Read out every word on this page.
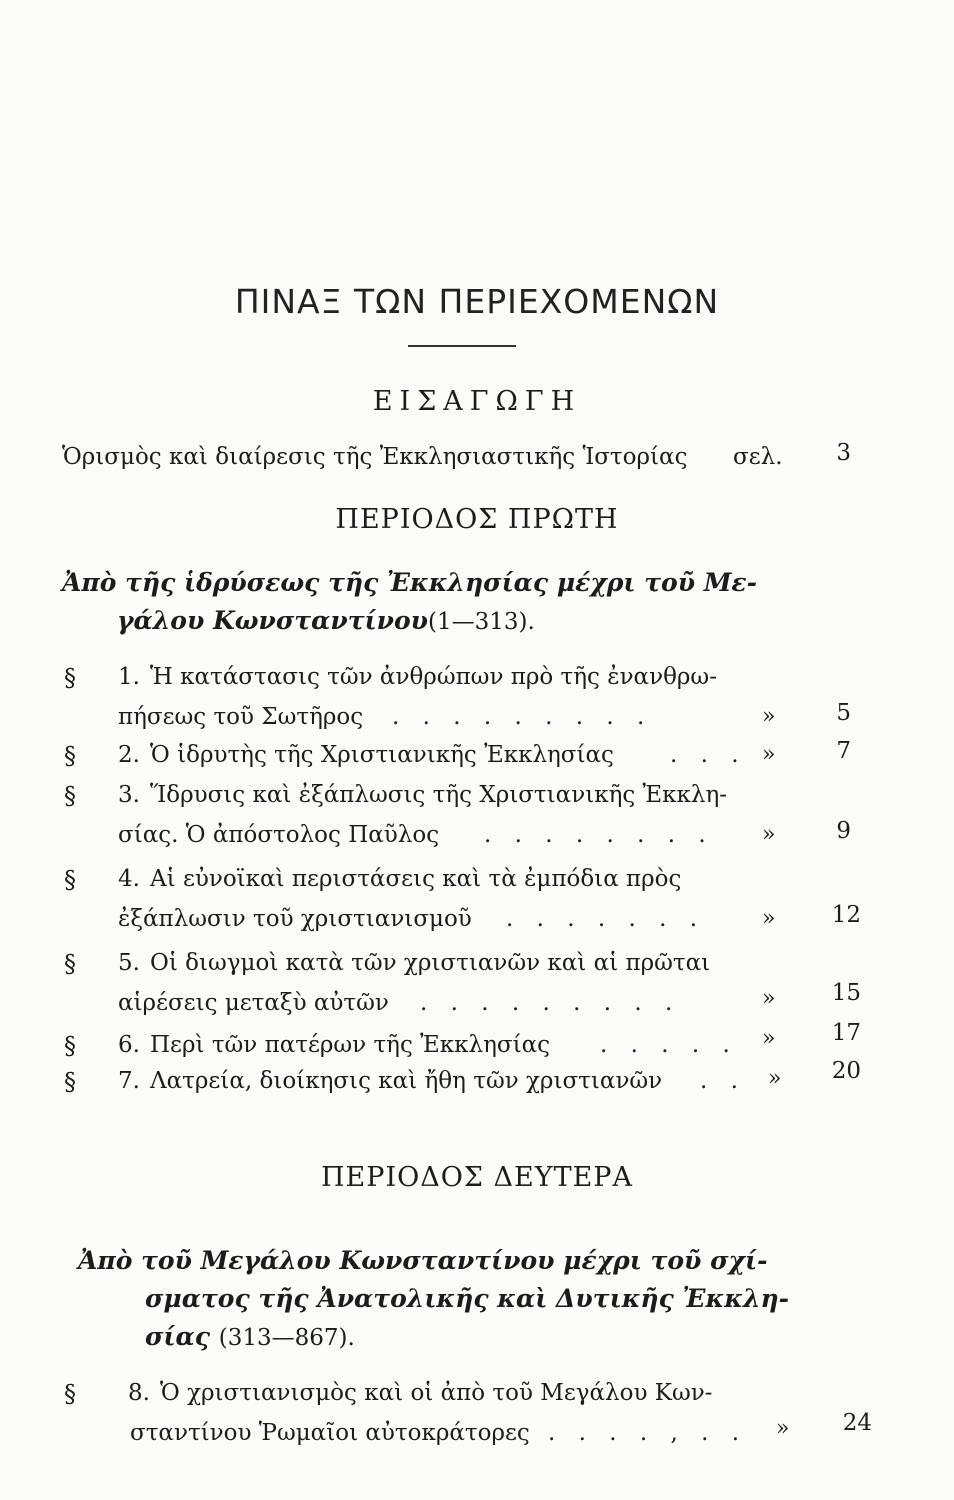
ΠΙΝΑΞ ΤΩΝ ΠΕΡΙΕΧΟΜΕΝΩΝ
ΕΙΣΑΓΩΓΗ
Ὁρισμὸς καὶ διαίρεσις τῆς Ἐκκλησιαστικῆς Ἱστορίας σελ.	3
ΠΕΡΙΟΔΟΣ ΠΡΩΤΗ
Ἀπὸ τῆς ἱδρύσεως τῆς Ἐκκλησίας μέχρι τοῦ Με-
γάλου Κωνσταντίνου(1—313).
§ 1. Ἡ κατάστασις τῶν ἀνθρώπων πρὸ τῆς ἐνανθρω-
πήσεως τοῦ Σωτῆρος . . . . . . . . .	»	5
§ 2. Ὁ ἱδρυτὴς τῆς Χριστιανικῆς Ἐκκλησίας . . . »	7
§ 3. Ἵδρυσις καὶ ἐξάπλωσις τῆς Χριστιανικῆς Ἐκκλη-
σίας. Ὁ ἀπόστολος Παῦλος . . . . . . . . »	9
§ 4. Αἱ εὐνοϊκαὶ περιστάσεις καὶ τὰ ἐμπόδια πρὸς
ἐξάπλωσιν τοῦ χριστιανισμοῦ . . . . . . .	»	12
§ 5. Οἱ διωγμοὶ κατὰ τῶν χριστιανῶν καὶ αἱ πρῶται
αἱρέσεις μεταξὺ αὐτῶν . . . . . . . . .	»	15
§ 6. Περὶ τῶν πατέρων τῆς Ἐκκλησίας . . . . . »	17
§ 7. Λατρεία, διοίκησις καὶ ἤθη τῶν χριστιανῶν . . »	20
ΠΕΡΙΟΔΟΣ ΔΕΥΤΕΡΑ
Ἀπὸ τοῦ Μεγάλου Κωνσταντίνου μέχρι τοῦ σχί-
σματος τῆς Ἀνατολικῆς καὶ Δυτικῆς Ἐκκλη-
σίας (313—867).
§ 8. Ὁ χριστιανισμὸς καὶ οἱ ἀπὸ τοῦ Μεγάλου Κων-
σταντίνου Ῥωμαῖοι αὐτοκράτορες . . . . , . . »	24
